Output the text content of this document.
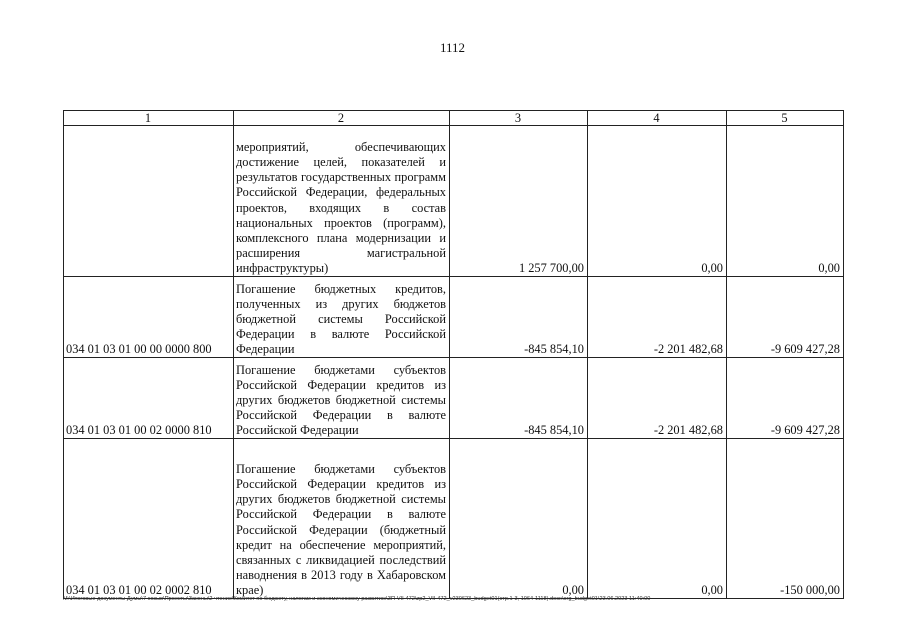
1112
1	2	3	4	5
	мероприятий, обеспечивающих достижение целей, показателей и результатов государственных программ Российской Федерации, федеральных проектов, входящих в состав национальных проектов (программ), комплексного плана модернизации и расширения магистральной инфраструктуры)	1 257 700,00	0,00	0,00
034 01 03 01 00 00 0000 800	Погашение бюджетных кредитов, полученных из других бюджетов бюджетной системы Российской Федерации в валюте Российской Федерации	-845 854,10	-2 201 482,68	-9 609 427,28
034 01 03 01 00 02 0000 810	Погашение бюджетами субъектов Российской Федерации кредитов из других бюджетов бюджетной системы Российской Федерации в валюте Российской Федерации	-845 854,10	-2 201 482,68	-9 609 427,28
034 01 03 01 00 02 0002 810	Погашение бюджетами субъектов Российской Федерации кредитов из других бюджетов бюджетной системы Российской Федерации в валюте Российской Федерации (бюджетный кредит на обеспечение мероприятий, связанных с ликвидацией последствий наводнения в 2013 году в Хабаровском крае)	0,00	0,00	-150 000,00
M:\Итоговые документы Думы\7 созыв\Проекты\Законы\2 чтение\Комитет по бюджету, налогам и экономическому развитию\ЗП-VII-472\zp2_VII-472_v230623_budget01(стр.1-3, 1064-1118).docx\org_budget01\23.06.2023 11:40:00
